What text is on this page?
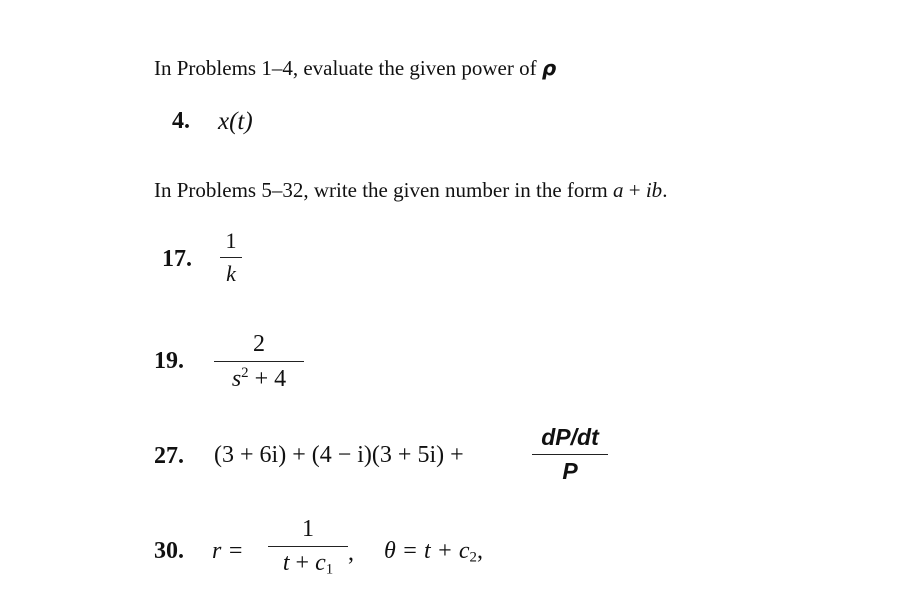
In Problems 1–4, evaluate the given power of ρ
4. x(t)
In Problems 5–32, write the given number in the form a + ib.
17.
1
k
19.
2
$s^2 + 4$
27. (3 + 6i) + (4 − i)(3 + 5i) +
dP/dt
P
30. r =
1
$t + c_1$
, $\theta = t + c_2$,
